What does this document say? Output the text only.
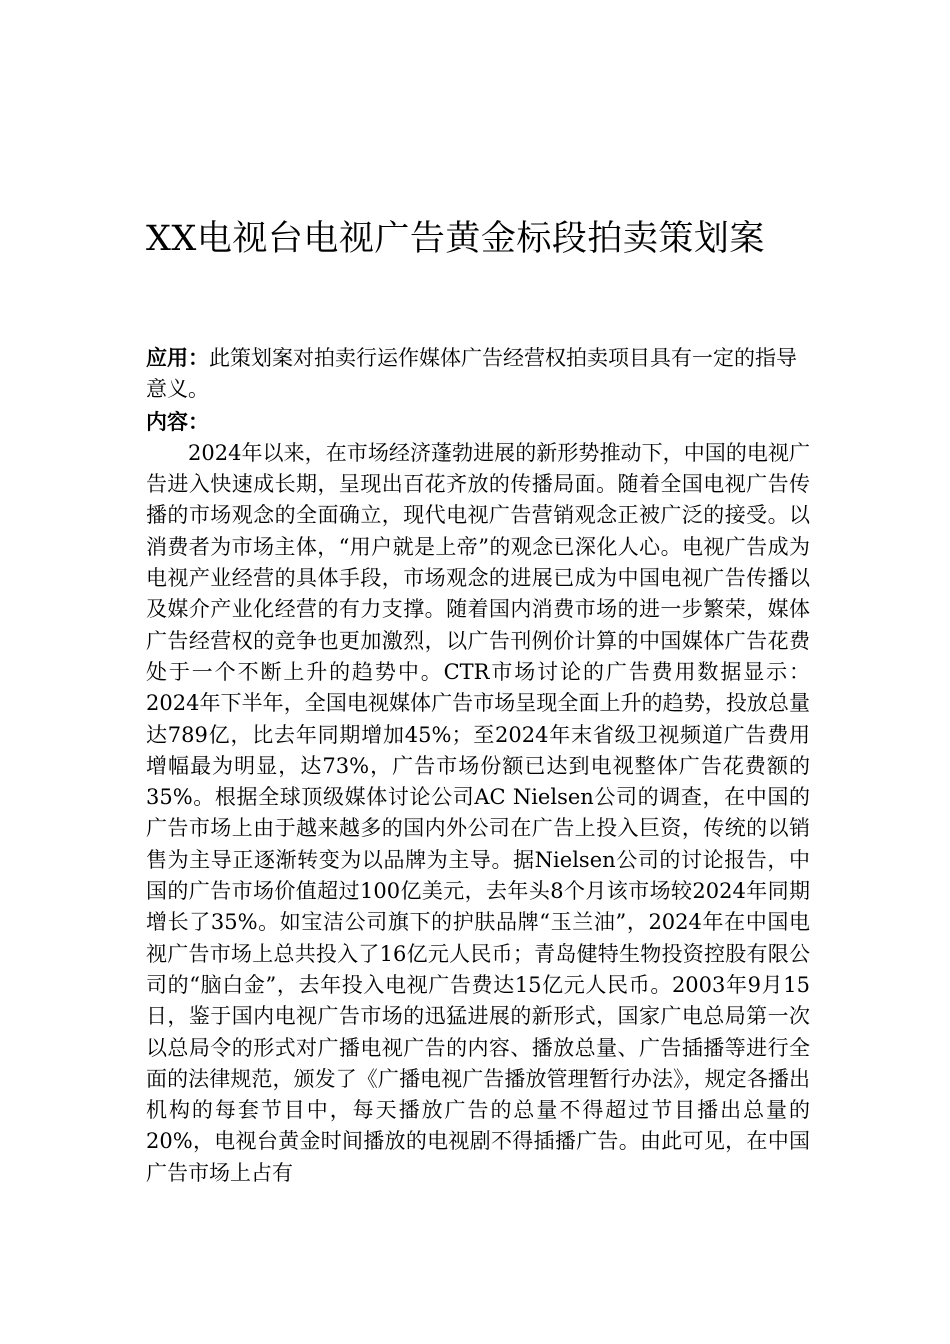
XX电视台电视广告黄金标段拍卖策划案

应用：此策划案对拍卖行运作媒体广告经营权拍卖项目具有一定的指导意义。

内容：

2024年以来，在市场经济蓬勃进展的新形势推动下，中国的电视广告进入快速成长期，呈现出百花齐放的传播局面。随着全国电视广告传播的市场观念的全面确立，现代电视广告营销观念正被广泛的接受。以消费者为市场主体，“用户就是上帝”的观念已深化人心。电视广告成为电视产业经营的具体手段，市场观念的进展已成为中国电视广告传播以及媒介产业化经营的有力支撑。随着国内消费市场的进一步繁荣，媒体广告经营权的竞争也更加激烈，以广告刊例价计算的中国媒体广告花费处于一个不断上升的趋势中。CTR市场讨论的广告费用数据显示：2024年下半年，全国电视媒体广告市场呈现全面上升的趋势，投放总量达789亿，比去年同期增加45%；至2024年末省级卫视频道广告费用增幅最为明显，达73%，广告市场份额已达到电视整体广告花费额的35%。根据全球顶级媒体讨论公司AC Nielsen公司的调查，在中国的广告市场上由于越来越多的国内外公司在广告上投入巨资，传统的以销售为主导正逐渐转变为以品牌为主导。据Nielsen公司的讨论报告，中国的广告市场价值超过100亿美元，去年头8个月该市场较2024年同期增长了35%。如宝洁公司旗下的护肤品牌“玉兰油”，2024年在中国电视广告市场上总共投入了16亿元人民币；青岛健特生物投资控股有限公司的“脑白金”，去年投入电视广告费达15亿元人民币。2003年9月15日，鉴于国内电视广告市场的迅猛进展的新形式，国家广电总局第一次以总局令的形式对广播电视广告的内容、播放总量、广告插播等进行全面的法律规范，颁发了《广播电视广告播放管理暂行办法》，规定各播出机构的每套节目中，每天播放广告的总量不得超过节目播出总量的20%，电视台黄金时间播放的电视剧不得插播广告。由此可见，在中国广告市场上占有
